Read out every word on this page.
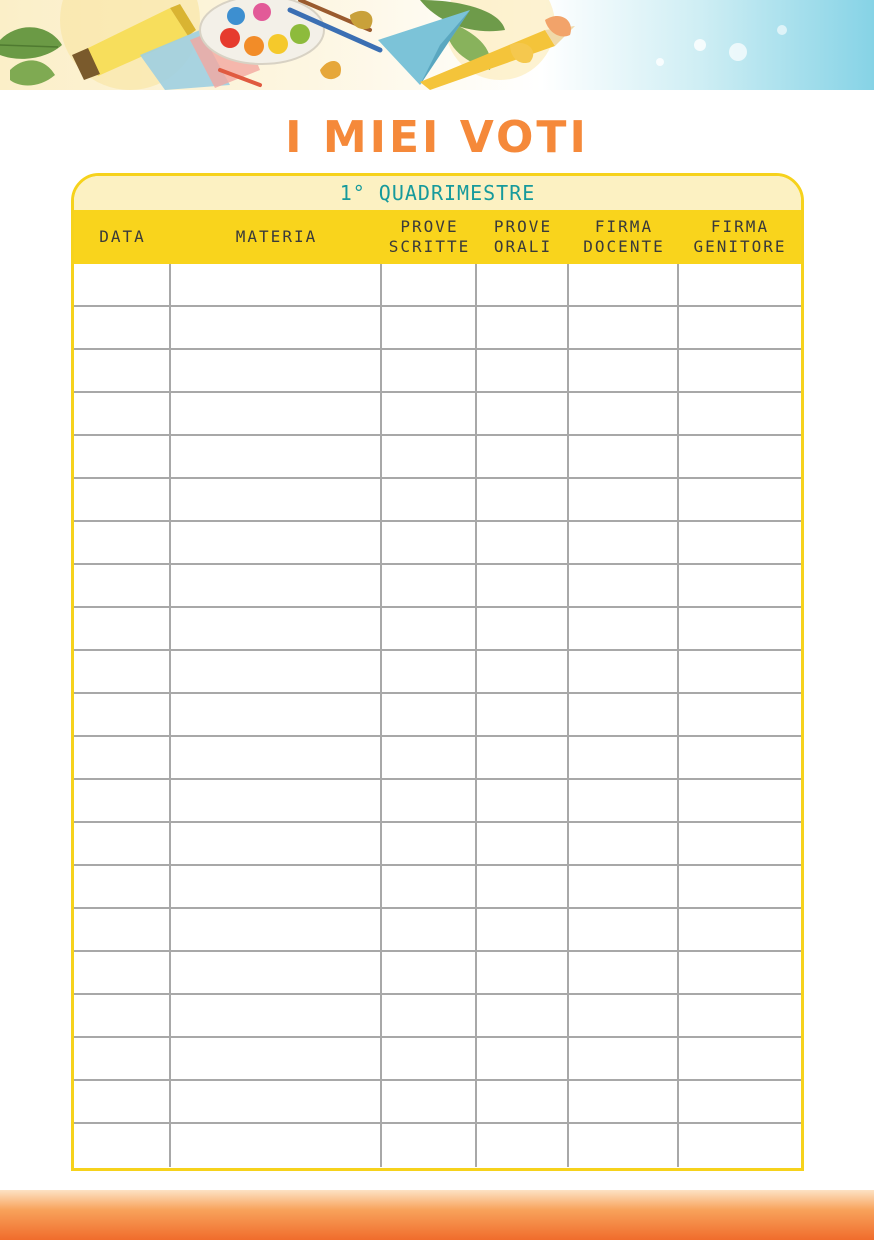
I MIEI VOTI
1° QUADRIMESTRE
DATA	MATERIA
PROVE
SCRITTE
PROVE
ORALI
FIRMA
DOCENTE
FIRMA
GENITORE
